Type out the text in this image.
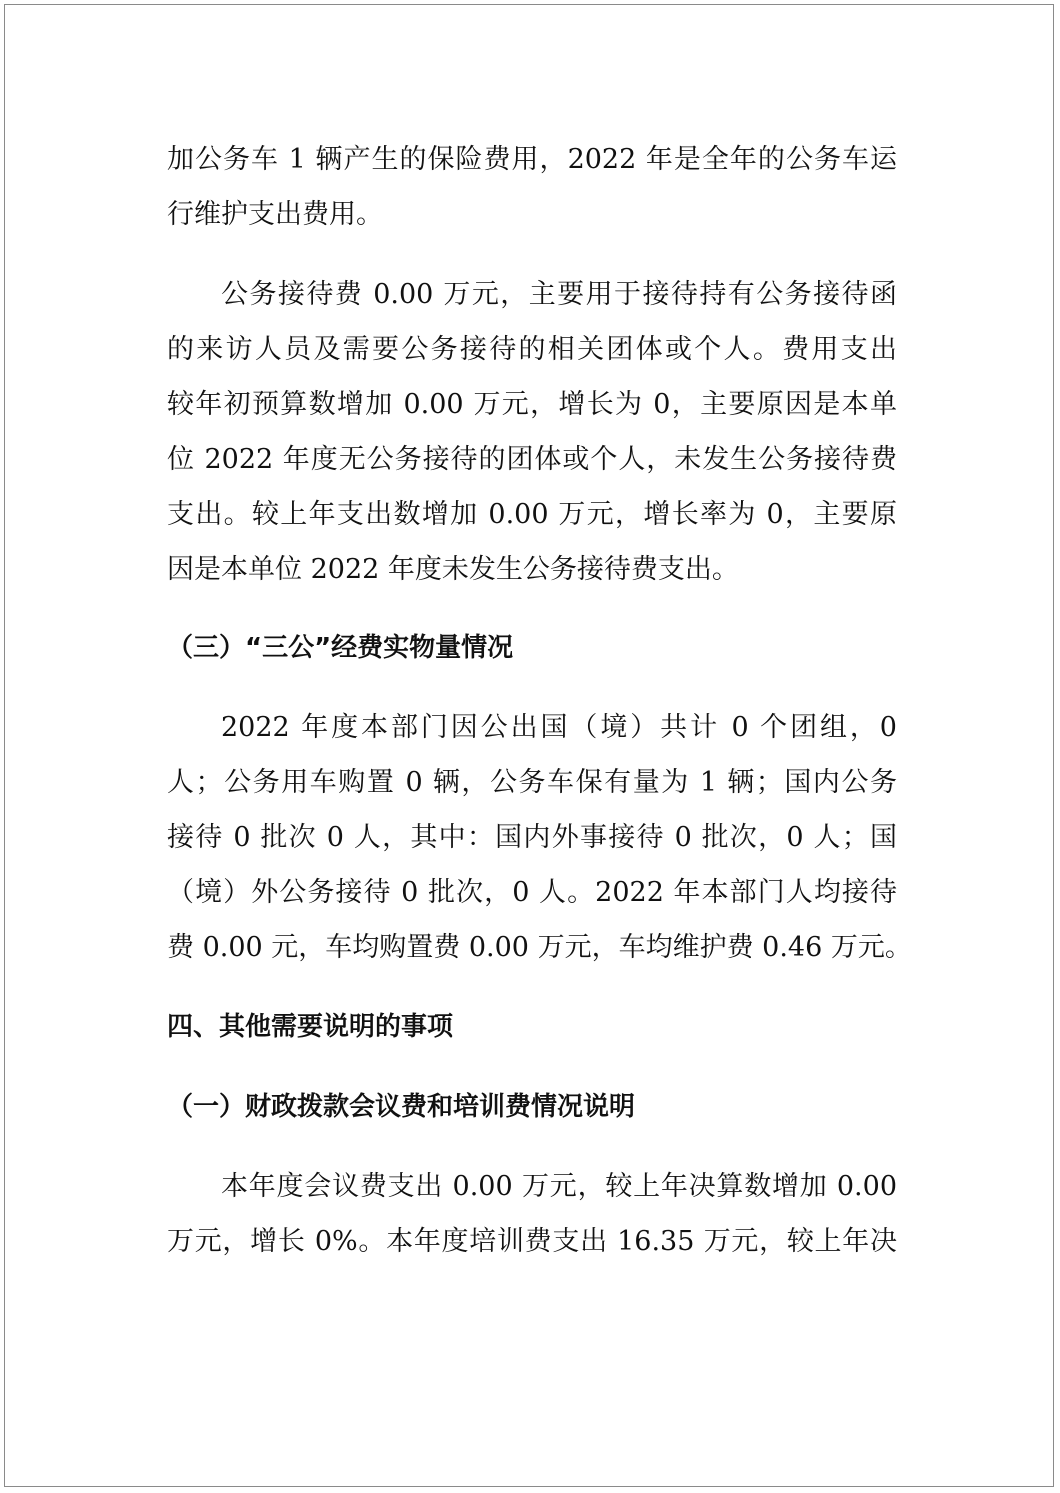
加公务车 1 辆产生的保险费用，2022 年是全年的公务车运
行维护支出费用。
公务接待费 0.00 万元，主要用于接待持有公务接待函
的来访人员及需要公务接待的相关团体或个人。费用支出
较年初预算数增加 0.00 万元，增长为 0，主要原因是本单
位 2022 年度无公务接待的团体或个人，未发生公务接待费
支出。较上年支出数增加 0.00 万元，增长率为 0，主要原
因是本单位 2022 年度未发生公务接待费支出。
（三）“三公”经费实物量情况
2022 年度本部门因公出国（境）共计 0 个团组，0
人；公务用车购置 0 辆，公务车保有量为 1 辆；国内公务
接待 0 批次 0 人，其中：国内外事接待 0 批次，0 人；国
（境）外公务接待 0 批次，0 人。2022 年本部门人均接待
费 0.00 元，车均购置费 0.00 万元，车均维护费 0.46 万元。
四、其他需要说明的事项
（一）财政拨款会议费和培训费情况说明
本年度会议费支出 0.00 万元，较上年决算数增加 0.00
万元，增长 0%。本年度培训费支出 16.35 万元，较上年决
